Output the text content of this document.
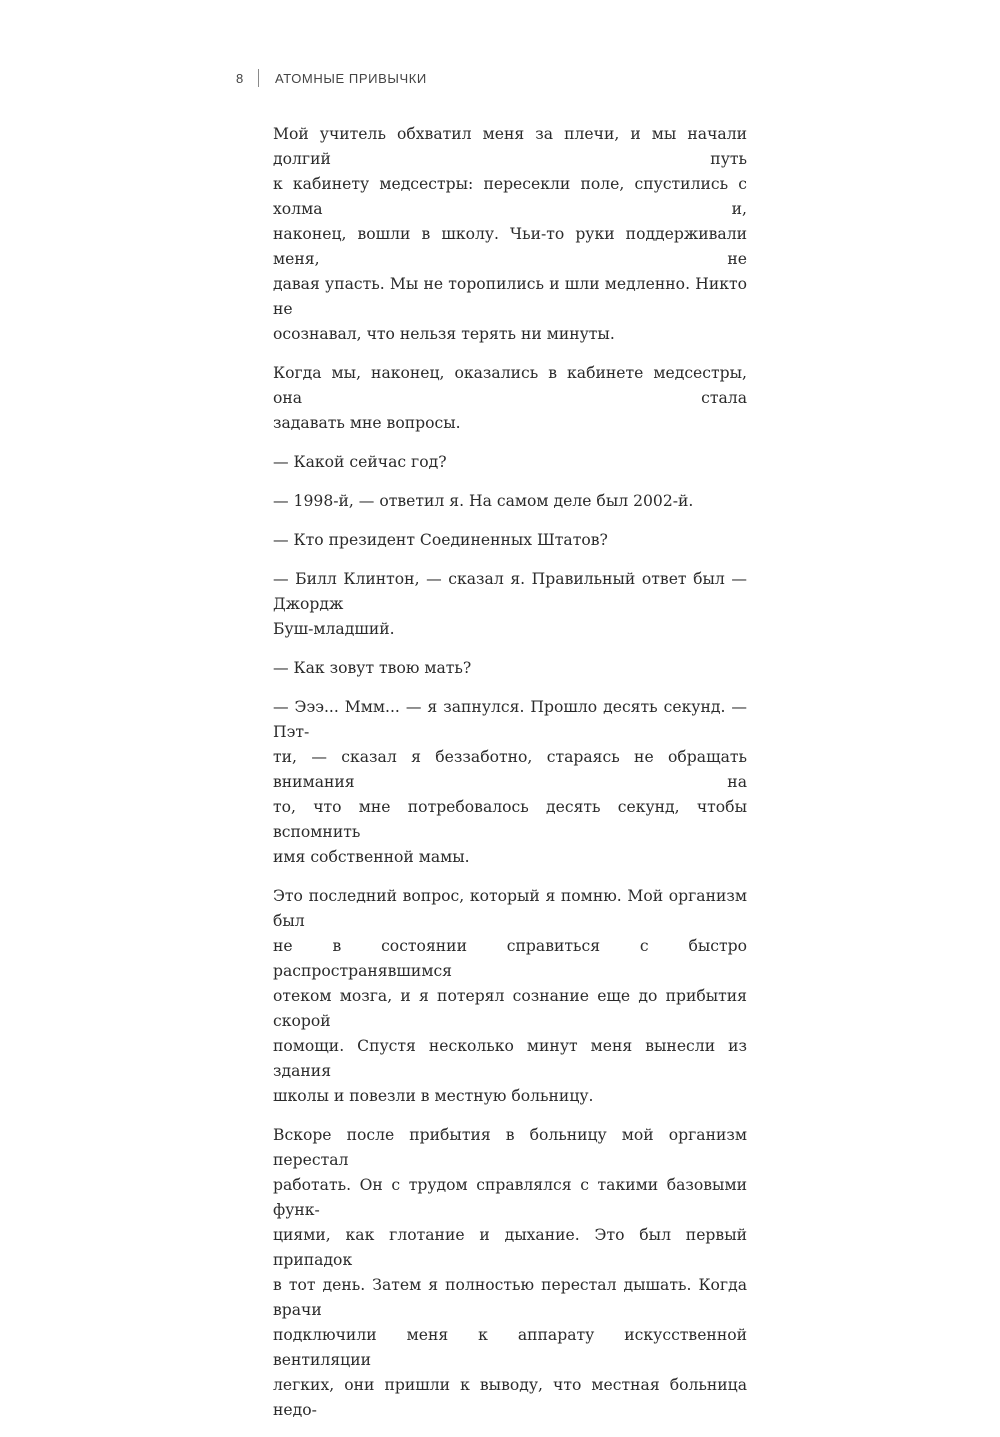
8	АТОМНЫЕ ПРИВЫЧКИ

Мой учитель обхватил меня за плечи, и мы начали долгий путь
к кабинету медсестры: пересекли поле, спустились с холма и,
наконец, вошли в школу. Чьи-то руки поддерживали меня, не
давая упасть. Мы не торопились и шли медленно. Никто не
осознавал, что нельзя терять ни минуты.

Когда мы, наконец, оказались в кабинете медсестры, она стала
задавать мне вопросы.

— Какой сейчас год?

— 1998-й, — ответил я. На самом деле был 2002-й.

— Кто президент Соединенных Штатов?

— Билл Клинтон, — сказал я. Правильный ответ был — Джордж
Буш-младший.

— Как зовут твою мать?

— Эээ... Ммм... — я запнулся. Прошло десять секунд. — Пэт-
ти, — сказал я беззаботно, стараясь не обращать внимания на
то, что мне потребовалось десять секунд, чтобы вспомнить
имя собственной мамы.

Это последний вопрос, который я помню. Мой организм был
не в состоянии справиться с быстро распространявшимся
отеком мозга, и я потерял сознание еще до прибытия скорой
помощи. Спустя несколько минут меня вынесли из здания
школы и повезли в местную больницу.

Вскоре после прибытия в больницу мой организм перестал
работать. Он с трудом справлялся с такими базовыми функ-
циями, как глотание и дыхание. Это был первый припадок
в тот день. Затем я полностью перестал дышать. Когда врачи
подключили меня к аппарату искусственной вентиляции
легких, они пришли к выводу, что местная больница недо-
